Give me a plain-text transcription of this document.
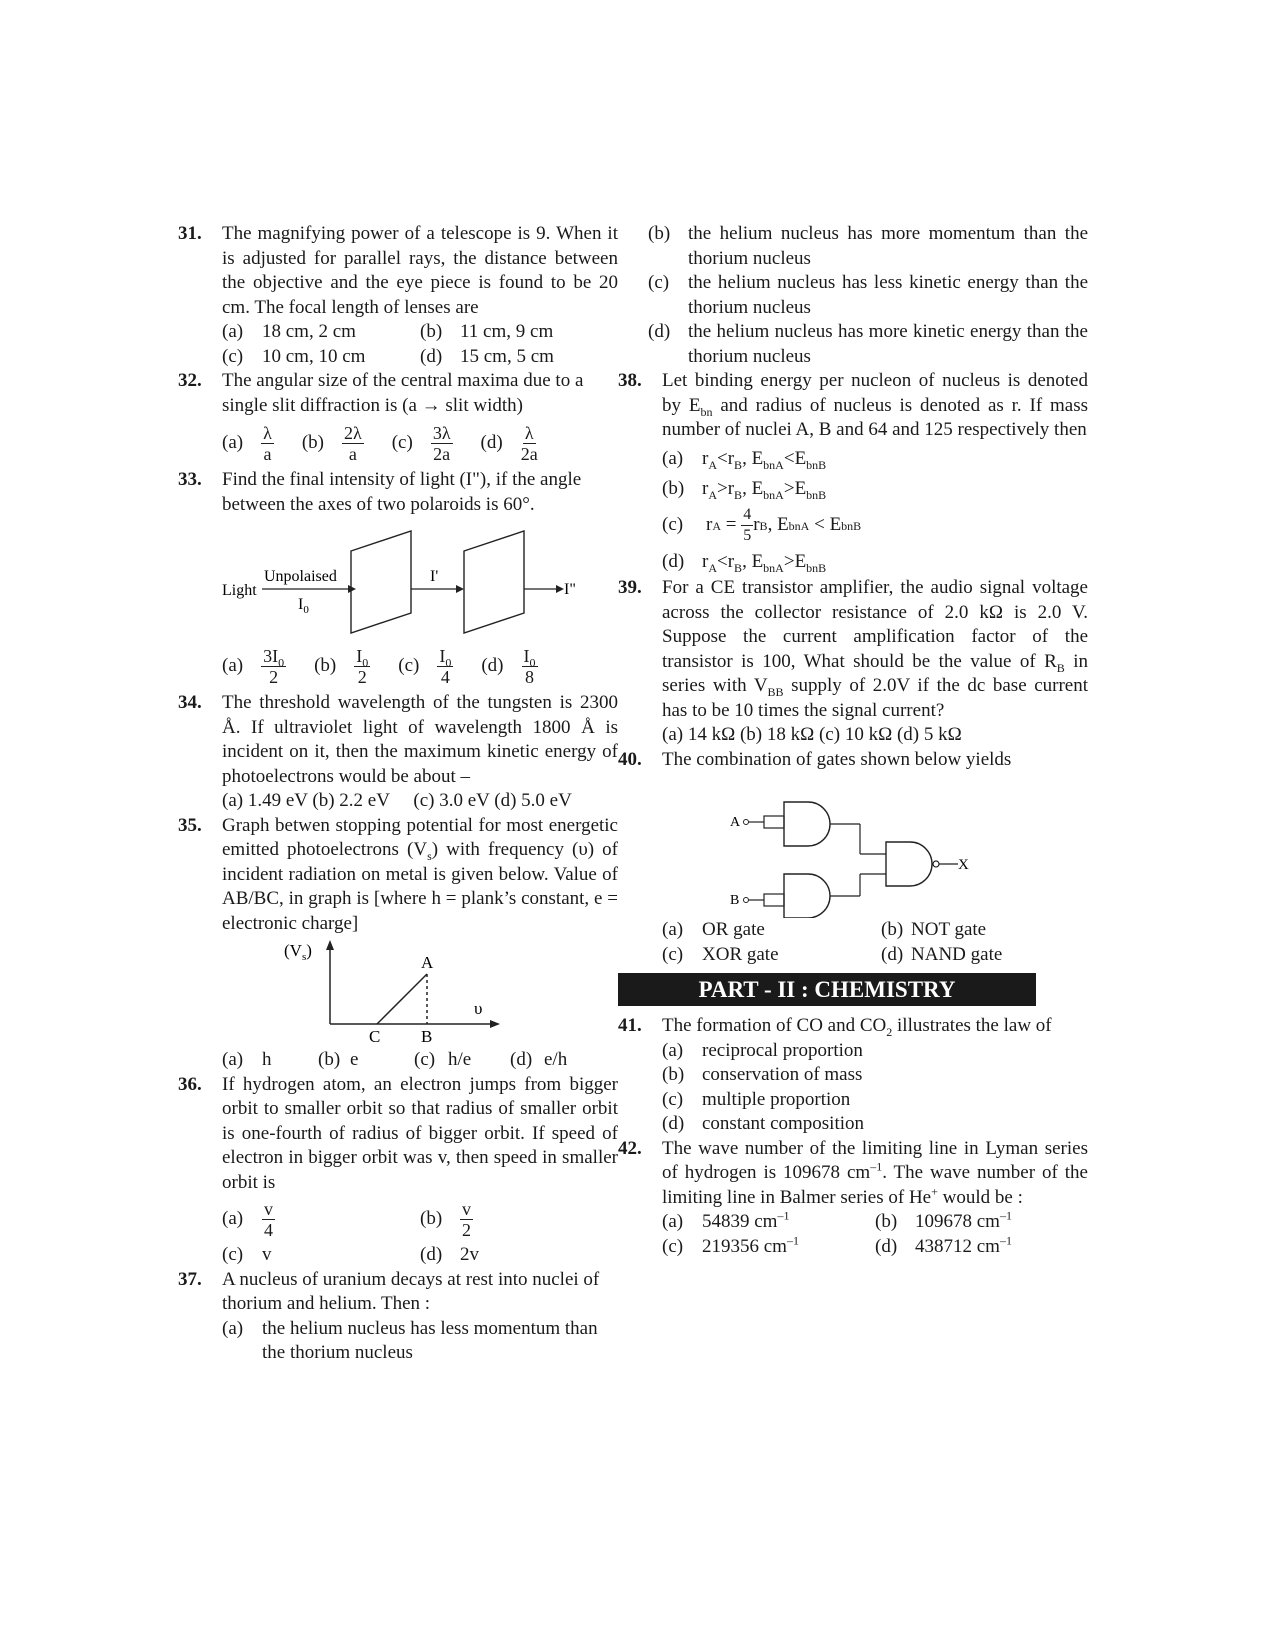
31. The magnifying power of a telescope is 9. When it is adjusted for parallel rays, the distance between the objective and the eye piece is found to be 20 cm. The focal length of lenses are
(a) 18 cm, 2 cm	(b) 11 cm, 9 cm
(c) 10 cm, 10 cm	(d) 15 cm, 5 cm
32. The angular size of the central maxima due to a single slit diffraction is (a → slit width)
$(a) \frac{\lambda}{a} (b) \frac{2\lambda}{a} (c) \frac{3\lambda}{2a} (d) \frac{\lambda}{2a}$
33. Find the final intensity of light (I"), if the angle between the axes of two polaroids is 60°.
Light
Unpolaised
$I_0$
I'
I"
$(a) \frac{3I_0}{2} (b) \frac{I_0}{2} (c) \frac{I_0}{4} (d) \frac{I_0}{8}$
34. The threshold wavelength of the tungsten is 2300 Å. If ultraviolet light of wavelength 1800 Å is incident on it, then the maximum kinetic energy of photoelectrons would be about –
(a) 1.49 eV (b) 2.2 eV     (c) 3.0 eV (d) 5.0 eV
35. Graph betwen stopping potential for most energetic emitted photoelectrons $(V_s)$ with frequency (υ) of incident radiation on metal is given below. Value of AB/BC, in graph is [where h = plank’s constant, e = electronic charge]
$(V_s)$
A
C B
υ
(a) h (b) e	(c) h/e (d) e/h
36. If hydrogen atom, an electron jumps from bigger orbit to smaller orbit so that radius of smaller orbit is one-fourth of radius of bigger orbit. If speed of electron in bigger orbit was v, then speed in smaller orbit is
(a)	$\frac{v}{4}$	$(b) \frac{v}{2}$
(c) v	(d) 2v
37. A nucleus of uranium decays at rest into nuclei of thorium and helium. Then :
(a) the helium nucleus has less momentum than the thorium nucleus
(b) the helium nucleus has more momentum than the thorium nucleus
(c) the helium nucleus has less kinetic energy than the thorium nucleus
(d) the helium nucleus has more kinetic energy than the thorium nucleus
38. Let binding energy per nucleon of nucleus is denoted by $E_{bn}$ and radius of nucleus is denoted as r. If mass number of nuclei A, B and 64 and 125 respectively then
(a) $r_A<r_B$, $E_{bnA}<E_{bnB}$
(b) $r_A>r_B$, $E_{bnA}>E_{bnB}$
(c)	r A
=
$\frac{4}{5}$ r B , E bnA
<
E bnB
(d) $r_A<r_B$, $E_{bnA}>E_{bnB}$
39. For a CE transistor amplifier, the audio signal voltage across the collector resistance of 2.0 kΩ is 2.0 V. Suppose the current amplification factor of the transistor is 100, What should be the value of $R_B$ in series with $V_{BB}$ supply of 2.0V if the dc base current has to be 10 times the signal current?
(a) 14 kΩ (b) 18 kΩ (c) 10 kΩ (d) 5 kΩ
40. The combination of gates shown below yields
A
B
X
(a) OR gate	(b) NOT gate
(c) XOR gate	(d) NAND gate
PART - II : CHEMISTRY
41. The formation of CO and $CO_2$ illustrates the law of
(a) reciprocal proportion
(b) conservation of mass
(c) multiple proportion
(d) constant composition
42. The wave number of the limiting line in Lyman series of hydrogen is 109678 $cm^{-1}$. The wave number of the limiting line in Balmer series of He+ would be :
(a) 54839 $cm^{-1}$	(b) 109678 $cm^{-1}$
(c) 219356 $cm^{-1}$	(d) 438712 $cm^{-1}$
